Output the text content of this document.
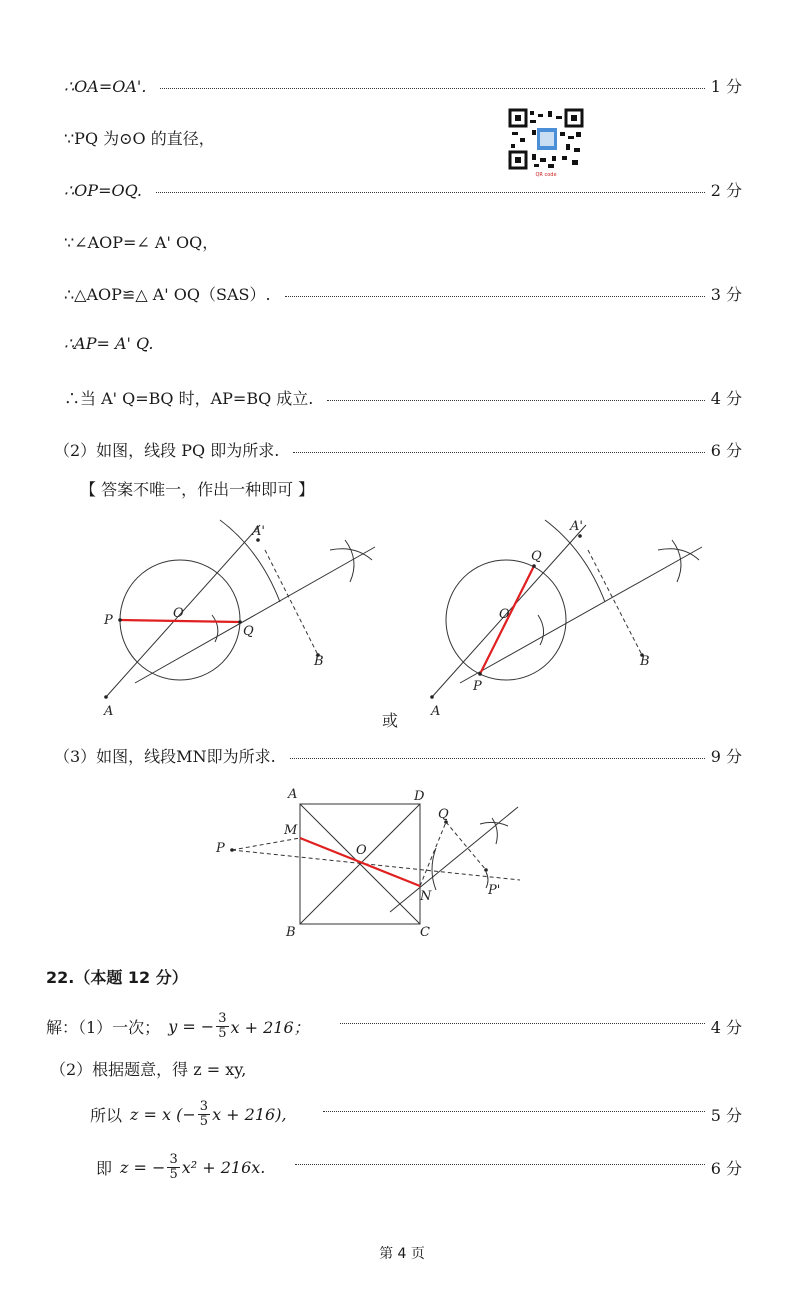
∴OA=OA'.	1 分
∵PQ 为⊙O 的直径，
QR code
∴OP=OQ.	2 分
∵∠AOP=∠ A' OQ，
∴△AOP≌△ A' OQ（SAS）.	3 分
∴AP= A' Q.
∴当 A' Q=BQ 时，AP=BQ 成立.	4 分
（2）如图，线段 PQ 即为所求.	6 分
【 答案不唯一，作出一种即可 】
A'
P	O
Q
B
A
A'
Q
O
P
B
A
或
（3）如图，线段MN即为所求.	9 分
A	D
M
Q
P	O
N	P'
B	C
22.（本题 12 分）
解：（1）一次； y = − $\frac{3}{5}$ x + 216；	4 分
（2）根据题意，得 z = xy,
所以 z = x (− $\frac{3}{5}$ x + 216),	5 分
即 z = − $\frac{3}{5} x^2 + 216x$.	6 分
第 4 页
